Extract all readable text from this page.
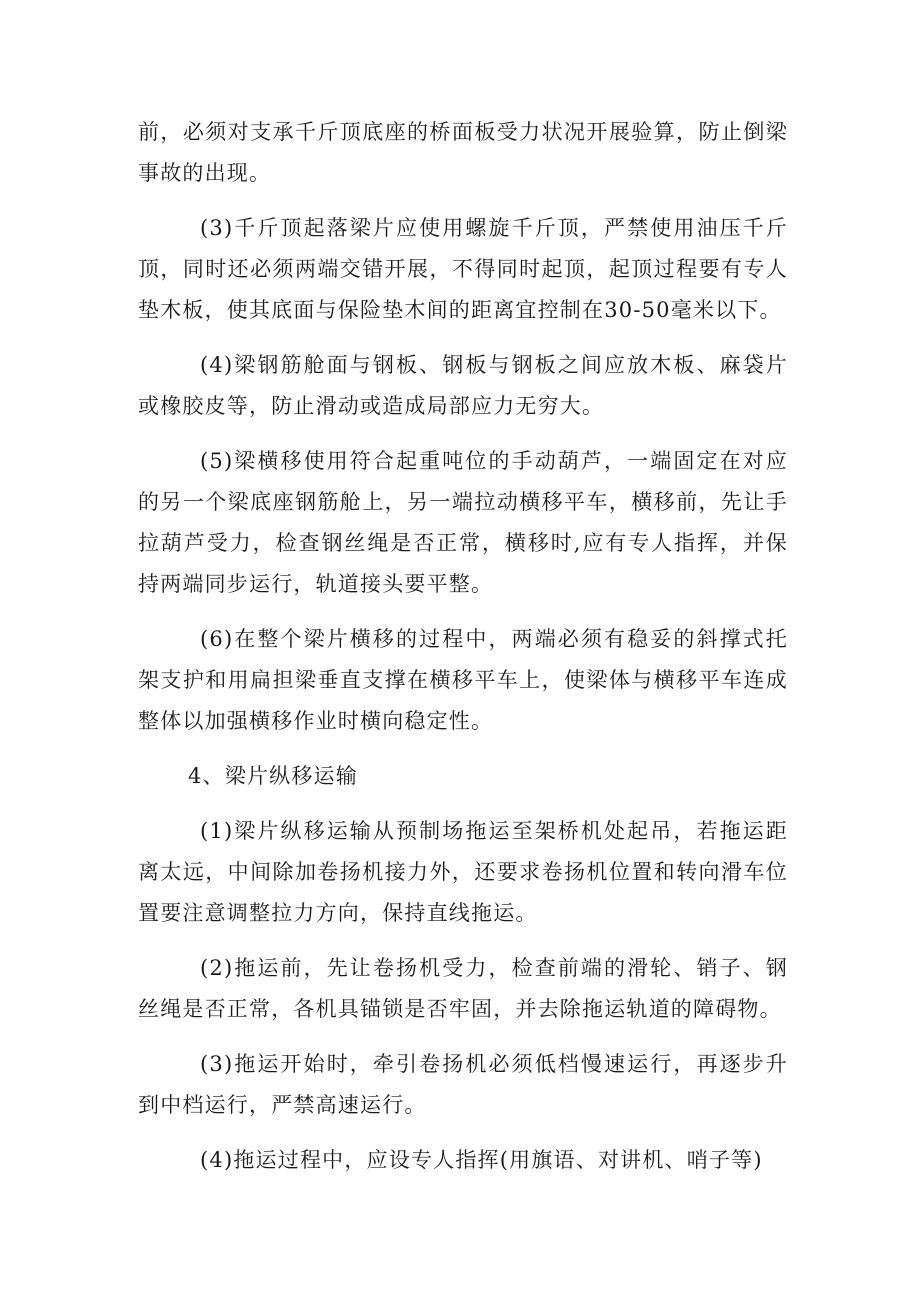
前，必须对支承千斤顶底座的桥面板受力状况开展验算，防止倒梁事故的出现。

(3)千斤顶起落梁片应使用螺旋千斤顶，严禁使用油压千斤顶，同时还必须两端交错开展，不得同时起顶，起顶过程要有专人垫木板，使其底面与保险垫木间的距离宜控制在30-50毫米以下。

(4)梁钢筋舱面与钢板、钢板与钢板之间应放木板、麻袋片或橡胶皮等，防止滑动或造成局部应力无穷大。

(5)梁横移使用符合起重吨位的手动葫芦，一端固定在对应的另一个梁底座钢筋舱上，另一端拉动横移平车，横移前，先让手拉葫芦受力，检查钢丝绳是否正常，横移时,应有专人指挥，并保持两端同步运行，轨道接头要平整。

(6)在整个梁片横移的过程中，两端必须有稳妥的斜撑式托架支护和用扁担梁垂直支撑在横移平车上，使梁体与横移平车连成整体以加强横移作业时横向稳定性。

4、梁片纵移运输

(1)梁片纵移运输从预制场拖运至架桥机处起吊，若拖运距离太远，中间除加卷扬机接力外，还要求卷扬机位置和转向滑车位置要注意调整拉力方向，保持直线拖运。

(2)拖运前，先让卷扬机受力，检查前端的滑轮、销子、钢丝绳是否正常，各机具锚锁是否牢固，并去除拖运轨道的障碍物。

(3)拖运开始时，牵引卷扬机必须低档慢速运行，再逐步升到中档运行，严禁高速运行。

(4)拖运过程中，应设专人指挥(用旗语、对讲机、哨子等)
